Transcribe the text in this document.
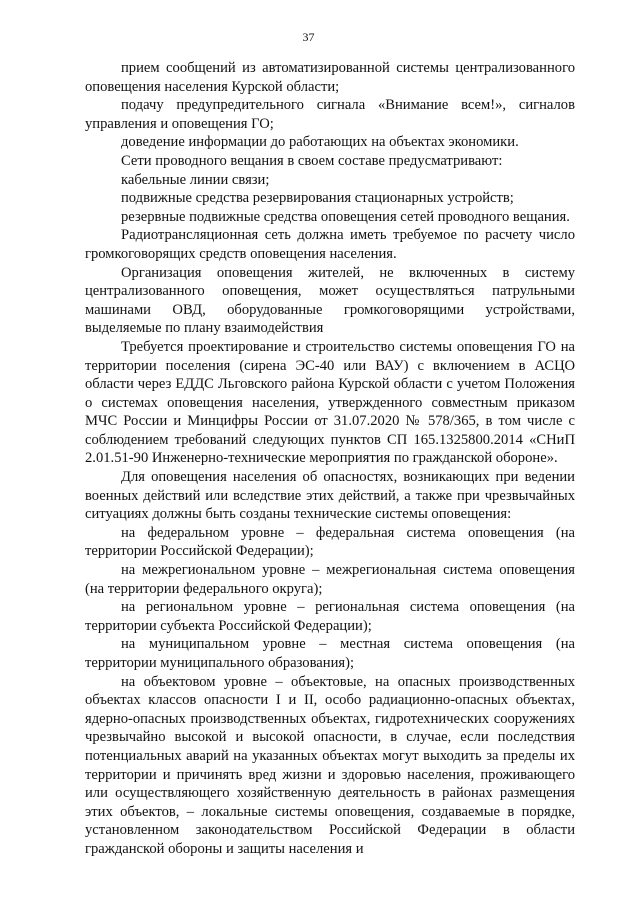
37

прием сообщений из автоматизированной системы централизованного оповещения населения Курской области;

подачу предупредительного сигнала «Внимание всем!», сигналов управления и оповещения ГО;

доведение информации до работающих на объектах экономики.

Сети проводного вещания в своем составе предусматривают:

кабельные линии связи;

подвижные средства резервирования стационарных устройств;

резервные подвижные средства оповещения сетей проводного вещания.

Радиотрансляционная сеть должна иметь требуемое по расчету число громкоговорящих средств оповещения населения.

Организация оповещения жителей, не включенных в систему централизованного оповещения, может осуществляться патрульными машинами ОВД, оборудованные громкоговорящими устройствами, выделяемые по плану взаимодействия

Требуется проектирование и строительство системы оповещения ГО на территории поселения (сирена ЭС-40 или ВАУ) с включением в АСЦО области через ЕДДС Льговского района Курской области с учетом Положения о системах оповещения населения, утвержденного совместным приказом МЧС России и Минцифры России от 31.07.2020 № 578/365, в том числе с соблюдением требований следующих пунктов СП 165.1325800.2014 «СНиП 2.01.51-90 Инженерно-технические мероприятия по гражданской обороне».

Для оповещения населения об опасностях, возникающих при ведении военных действий или вследствие этих действий, а также при чрезвычайных ситуациях должны быть созданы технические системы оповещения:

на федеральном уровне – федеральная система оповещения (на территории Российской Федерации);

на межрегиональном уровне – межрегиональная система оповещения (на территории федерального округа);

на региональном уровне – региональная система оповещения (на территории субъекта Российской Федерации);

на муниципальном уровне – местная система оповещения (на территории муниципального образования);

на объектовом уровне – объектовые, на опасных производственных объектах классов опасности I и II, особо радиационно-опасных объектах, ядерно-опасных производственных объектах, гидротехнических сооружениях чрезвычайно высокой и высокой опасности, в случае, если последствия потенциальных аварий на указанных объектах могут выходить за пределы их территории и причинять вред жизни и здоровью населения, проживающего или осуществляющего хозяйственную деятельность в районах размещения этих объектов, – локальные системы оповещения, создаваемые в порядке, установленном законодательством Российской Федерации в области гражданской обороны и защиты населения и
